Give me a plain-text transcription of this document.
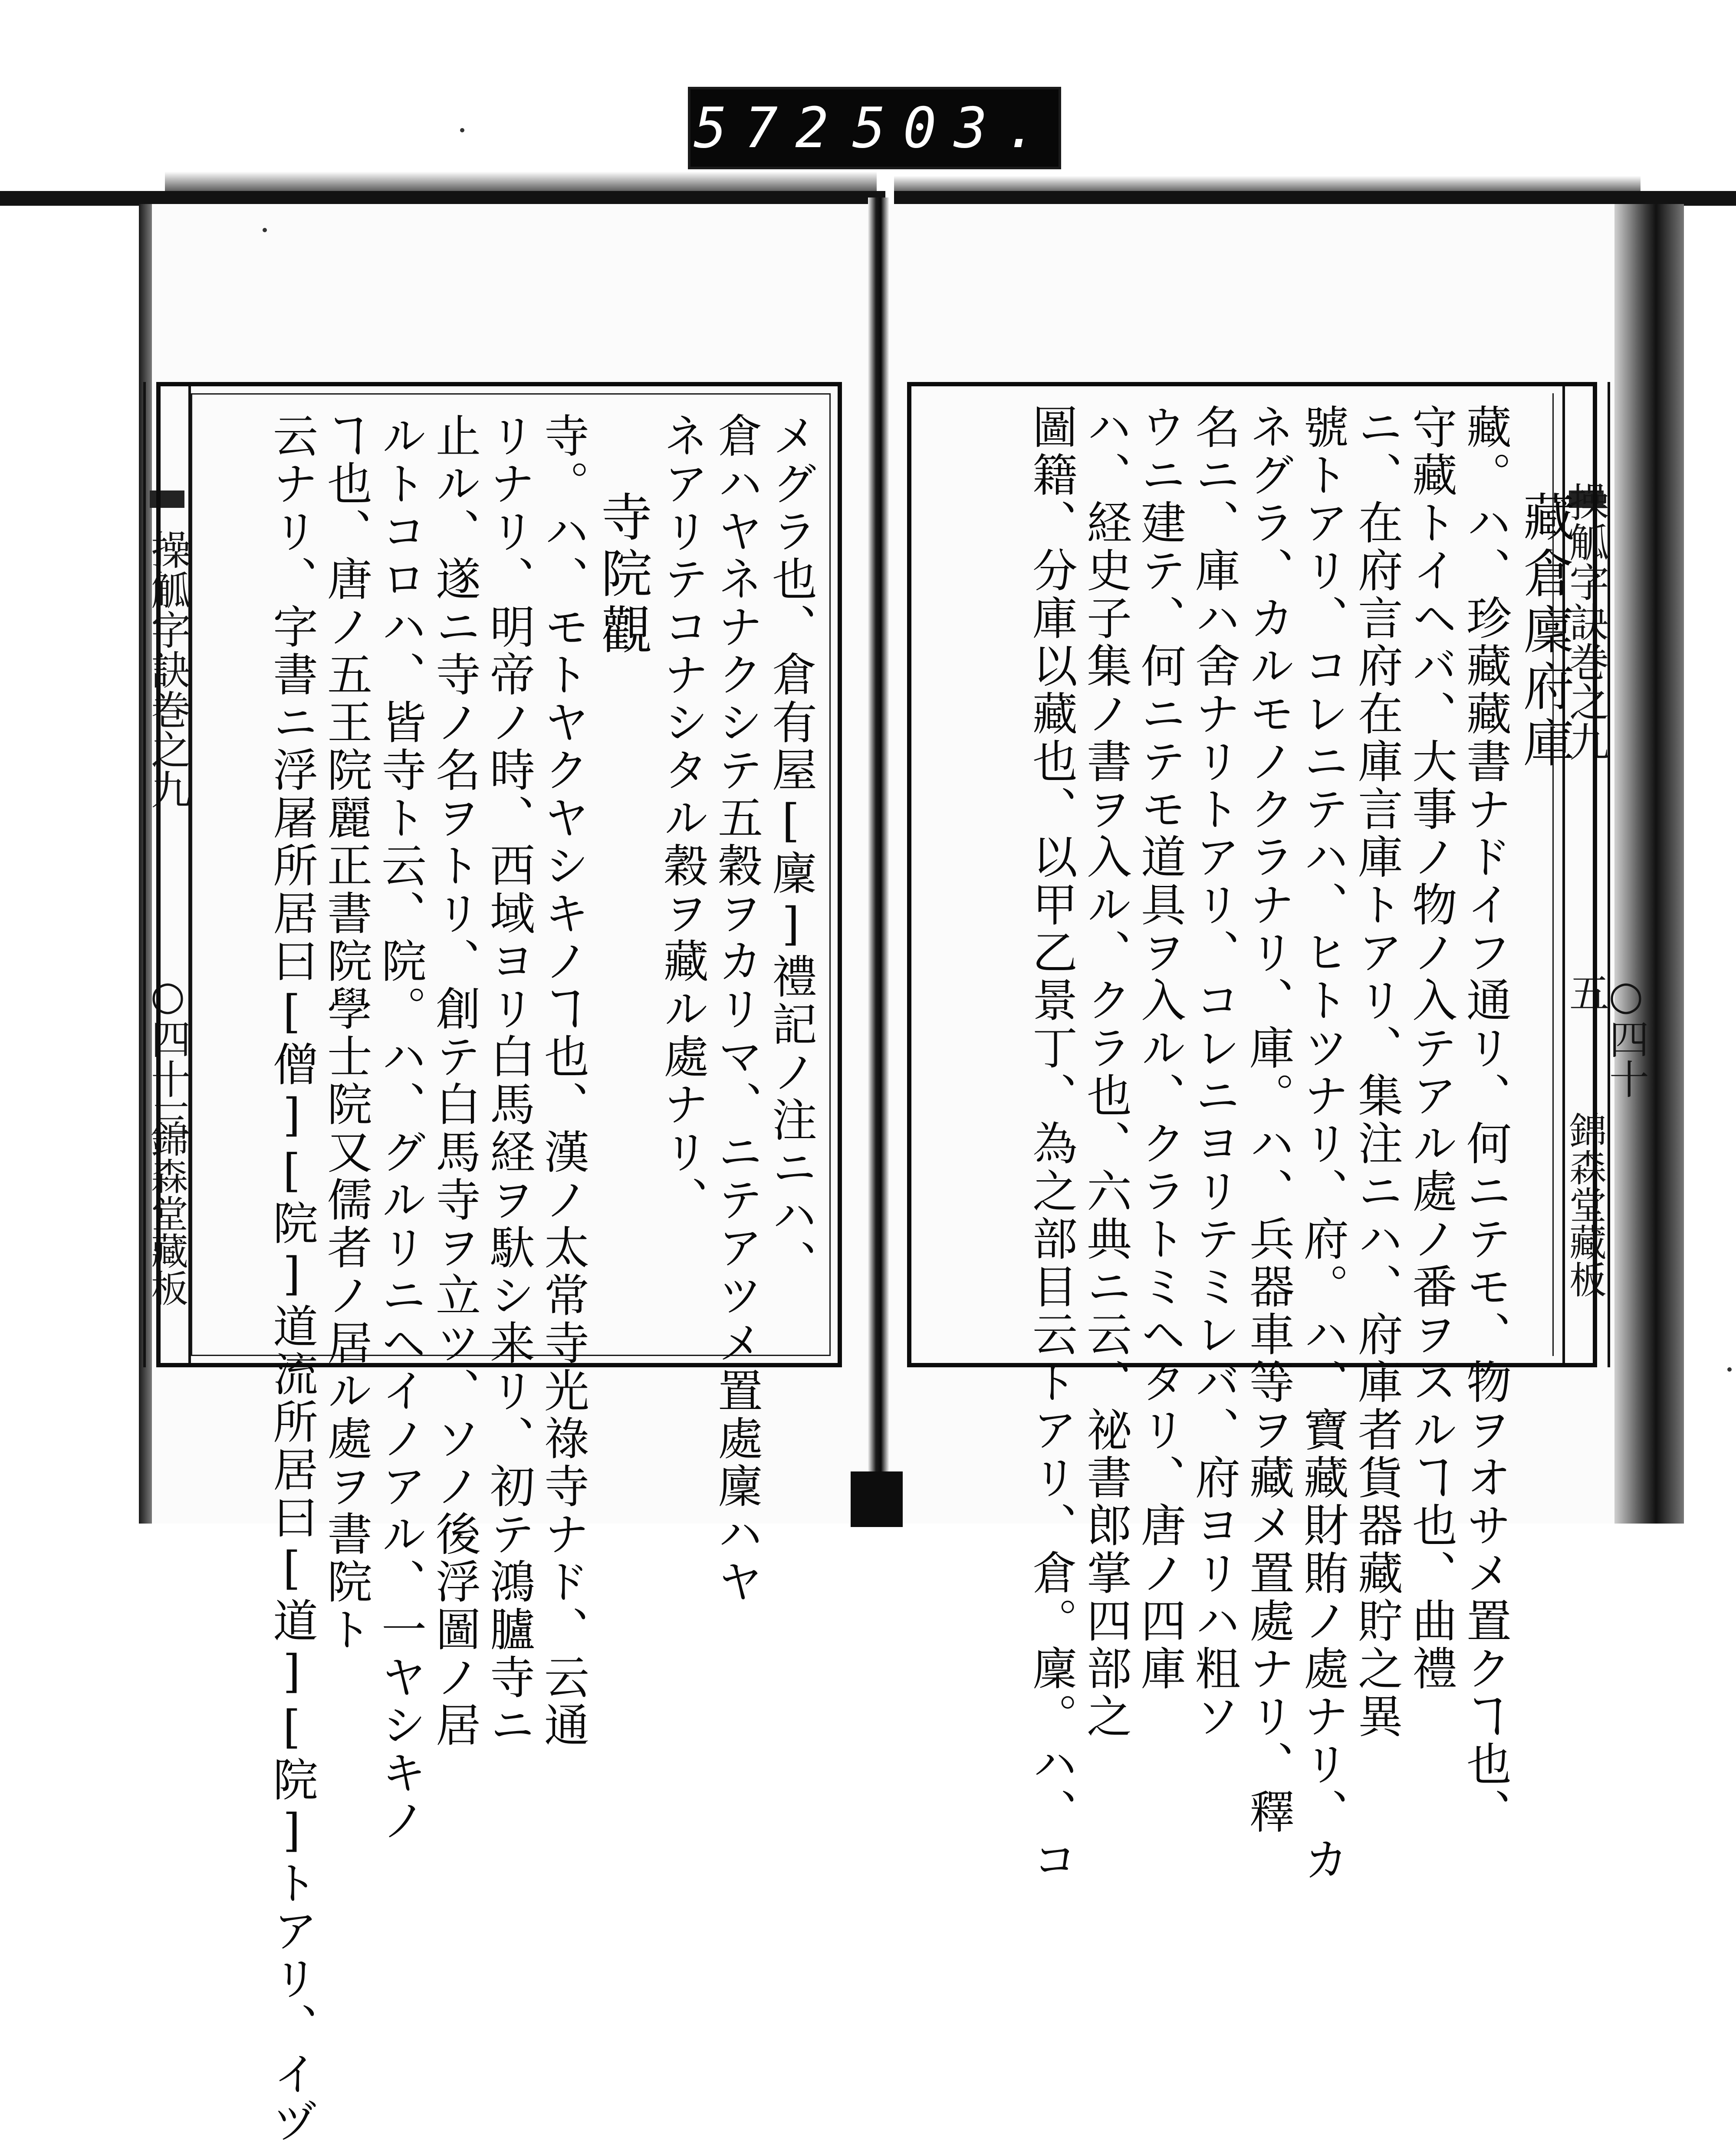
572 503.
操觚字訣巻之九
○四十三
錦森堂藏板
操觚字訣巻之九
○四十五
錦森堂藏板
メグラ也、倉有屋[廩]禮記ノ注ニハ、
倉ハヤネナクシテ五穀ヲカリマ、ニテアツメ置處廩ハヤ
ネアリテコナシタル穀ヲ藏ル處ナリ、
寺院觀
寺。ハ、モトヤクヤシキノヿ也、漢ノ太常寺光祿寺ナド、云通
リナリ、明帝ノ時、西域ヨリ白馬経ヲ馱シ来リ、初テ鴻臚寺ニ
止ル、遂ニ寺ノ名ヲトリ、創テ白馬寺ヲ立ツ、ソノ後浮圖ノ居
ルトコロハ、皆寺ト云、院。ハ、グルリニヘイノアル、一ヤシキノ
ヿ也、唐ノ五王院麗正書院學士院又儒者ノ居ル處ヲ書院ト
云ナリ、字書ニ浮屠所居曰[僧][院]道流所居曰[道][院]トアリ、イヅ	藏倉廩府庫
藏。ハ、珍藏藏書ナドイフ通リ、何ニテモ、物ヲオサメ置クヿ也、
守藏トイヘバ、大事ノ物ノ入テアル處ノ番ヲスルヿ也、曲禮
ニ、在府言府在庫言庫トアリ、集注ニハ、府庫者貨器藏貯之異
號トアリ、コレニテハ、ヒトツナリ、府。ハ、寶藏財賄ノ處ナリ、カ
ネグラ、カルモノクラナリ、庫。ハ、兵器車等ヲ藏メ置處ナリ、釋
名ニ、庫ハ舍ナリトアリ、コレニヨリテミレバ、府ヨリハ粗ソ
ウニ建テ、何ニテモ道具ヲ入ル、クラトミヘタリ、唐ノ四庫
ハ、経史子集ノ書ヲ入ル、クラ也、六典ニ云、祕書郎掌四部之
圖籍、分庫以藏也、以甲乙景丁、為之部目云トアリ、倉。廩。ハ、コ
